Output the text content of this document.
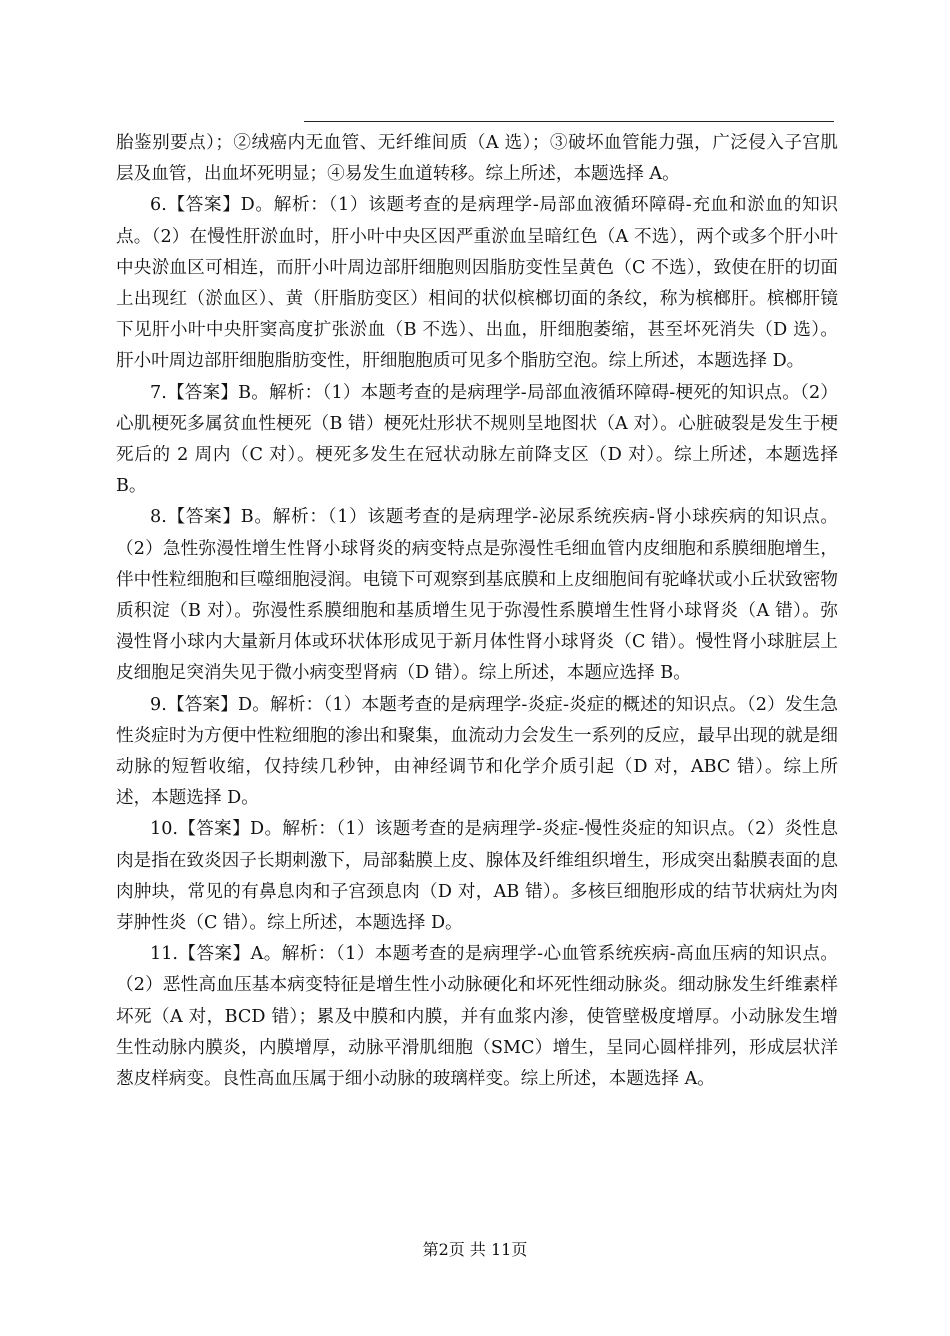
胎鉴别要点）；②绒癌内无血管、无纤维间质（A 选）；③破坏血管能力强，广泛侵入子宫肌层及血管，出血坏死明显；④易发生血道转移。综上所述，本题选择 A。

6.【答案】D。解析：（1）该题考查的是病理学-局部血液循环障碍-充血和淤血的知识点。（2）在慢性肝淤血时，肝小叶中央区因严重淤血呈暗红色（A 不选），两个或多个肝小叶中央淤血区可相连，而肝小叶周边部肝细胞则因脂肪变性呈黄色（C 不选），致使在肝的切面上出现红（淤血区）、黄（肝脂肪变区）相间的状似槟榔切面的条纹，称为槟榔肝。槟榔肝镜下见肝小叶中央肝窦高度扩张淤血（B 不选）、出血，肝细胞萎缩，甚至坏死消失（D 选）。肝小叶周边部肝细胞脂肪变性，肝细胞胞质可见多个脂肪空泡。综上所述，本题选择 D。

7.【答案】B。解析：（1）本题考查的是病理学-局部血液循环障碍-梗死的知识点。（2）心肌梗死多属贫血性梗死（B 错）梗死灶形状不规则呈地图状（A 对）。心脏破裂是发生于梗死后的 2 周内（C 对）。梗死多发生在冠状动脉左前降支区（D 对）。综上所述，本题选择 B。

8.【答案】B。解析：（1）该题考查的是病理学-泌尿系统疾病-肾小球疾病的知识点。（2）急性弥漫性增生性肾小球肾炎的病变特点是弥漫性毛细血管内皮细胞和系膜细胞增生，伴中性粒细胞和巨噬细胞浸润。电镜下可观察到基底膜和上皮细胞间有驼峰状或小丘状致密物质积淀（B 对）。弥漫性系膜细胞和基质增生见于弥漫性系膜增生性肾小球肾炎（A 错）。弥漫性肾小球内大量新月体或环状体形成见于新月体性肾小球肾炎（C 错）。慢性肾小球脏层上皮细胞足突消失见于微小病变型肾病（D 错）。综上所述，本题应选择 B。

9.【答案】D。解析：（1）本题考查的是病理学-炎症-炎症的概述的知识点。（2）发生急性炎症时为方便中性粒细胞的渗出和聚集，血流动力会发生一系列的反应，最早出现的就是细动脉的短暂收缩，仅持续几秒钟，由神经调节和化学介质引起（D 对，ABC 错）。综上所述，本题选择 D。

10.【答案】D。解析：（1）该题考查的是病理学-炎症-慢性炎症的知识点。（2）炎性息肉是指在致炎因子长期刺激下，局部黏膜上皮、腺体及纤维组织增生，形成突出黏膜表面的息肉肿块，常见的有鼻息肉和子宫颈息肉（D 对，AB 错）。多核巨细胞形成的结节状病灶为肉芽肿性炎（C 错）。综上所述，本题选择 D。

11.【答案】A。解析：（1）本题考查的是病理学-心血管系统疾病-高血压病的知识点。（2）恶性高血压基本病变特征是增生性小动脉硬化和坏死性细动脉炎。细动脉发生纤维素样坏死（A 对，BCD 错）；累及中膜和内膜，并有血浆内渗，使管壁极度增厚。小动脉发生增生性动脉内膜炎，内膜增厚，动脉平滑肌细胞（SMC）增生，呈同心圆样排列，形成层状洋葱皮样病变。良性高血压属于细小动脉的玻璃样变。综上所述，本题选择 A。

第2页 共 11页
